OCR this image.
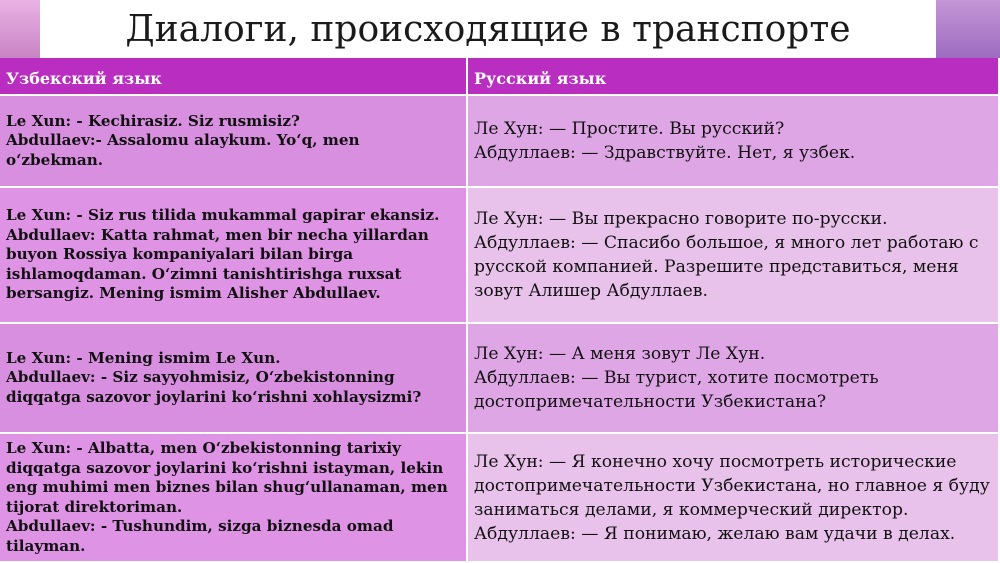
Диалоги, происходящие в транспорте
Узбекский язык	Русский язык
Le Xun: - Kechirasiz. Siz rusmisiz?
Abdullaev:- Assalomu alaykum. Yo‘q, men
o‘zbekman.
Ле Хун: — Простите. Вы русский?
Абдуллаев: — Здравствуйте. Нет, я узбек.
Le Xun: - Siz rus tilida mukammal gapirar ekansiz.
Abdullaev: Katta rahmat, men bir necha yillardan
buyon Rossiya kompaniyalari bilan birga
ishlamoqdaman. O‘zimni tanishtirishga ruxsat
bersangiz. Mening ismim Alisher Abdullaev.
Ле Хун: — Вы прекрасно говорите по-русски.
Абдуллаев: — Спасибо большое, я много лет работаю с
русской компанией. Разрешите представиться, меня
зовут Алишер Абдуллаев.
Le Xun: - Mening ismim Le Xun.
Abdullaev: - Siz sayyohmisiz, O‘zbekistonning
diqqatga sazovor joylarini ko‘rishni xohlaysizmi?
Ле Хун: — А меня зовут Ле Хун.
Абдуллаев: — Вы турист, хотите посмотреть
достопримечательности Узбекистана?
Le Xun: - Albatta, men O‘zbekistonning tarixiy
diqqatga sazovor joylarini ko‘rishni istayman, lekin
eng muhimi men biznes bilan shug‘ullanaman, men
tijorat direktoriman.
Abdullaev: - Tushundim, sizga biznesda omad
tilayman.
Ле Хун: — Я конечно хочу посмотреть исторические
достопримечательности Узбекистана, но главное я буду
заниматься делами, я коммерческий директор.
Абдуллаев: — Я понимаю, желаю вам удачи в делах.
